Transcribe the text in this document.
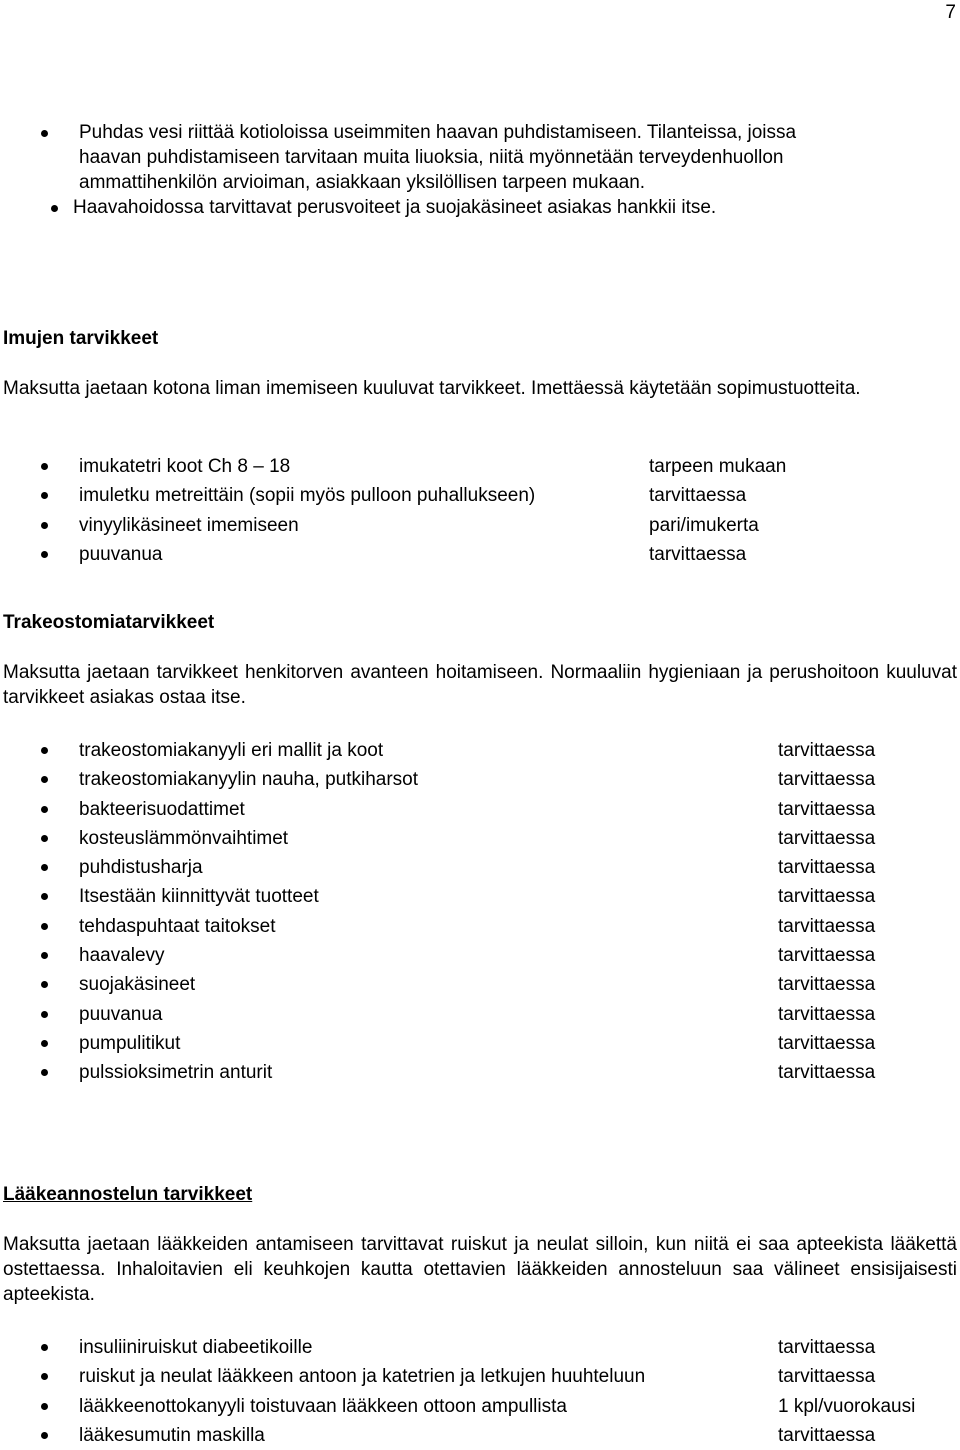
7
Puhdas vesi riittää kotioloissa useimmiten haavan puhdistamiseen. Tilanteissa, joissa haavan puhdistamiseen tarvitaan muita liuoksia, niitä myönnetään terveydenhuollon ammattihenkilön arvioiman, asiakkaan yksilöllisen tarpeen mukaan.
Haavahoidossa tarvittavat perusvoiteet ja suojakäsineet asiakas hankkii itse.
Imujen tarvikkeet
Maksutta jaetaan kotona liman imemiseen kuuluvat tarvikkeet. Imettäessä käytetään sopimustuotteita.
imukatetri koot Ch 8 – 18	tarpeen mukaan
imuletku metreittäin (sopii myös pulloon puhallukseen)	tarvittaessa
vinyylikäsineet imemiseen	pari/imukerta
puuvanua	tarvittaessa
Trakeostomiatarvikkeet
Maksutta jaetaan tarvikkeet henkitorven avanteen hoitamiseen. Normaaliin hygieniaan ja perushoitoon kuuluvat tarvikkeet asiakas ostaa itse.
trakeostomiakanyyli eri mallit ja koot	tarvittaessa
trakeostomiakanyylin nauha, putkiharsot	tarvittaessa
bakteerisuodattimet	tarvittaessa
kosteuslämmönvaihtimet	tarvittaessa
puhdistusharja	tarvittaessa
Itsestään kiinnittyvät tuotteet	tarvittaessa
tehdaspuhtaat taitokset	tarvittaessa
haavalevy	tarvittaessa
suojakäsineet	tarvittaessa
puuvanua	tarvittaessa
pumpulitikut	tarvittaessa
pulssioksimetrin anturit	tarvittaessa
Lääkeannostelun tarvikkeet
Maksutta jaetaan lääkkeiden antamiseen tarvittavat ruiskut ja neulat silloin, kun niitä ei saa apteekista lääkettä ostettaessa. Inhaloitavien eli keuhkojen kautta otettavien lääkkeiden annosteluun saa välineet ensisijaisesti apteekista.
insuliiniruiskut diabeetikoille	tarvittaessa
ruiskut ja neulat lääkkeen antoon ja katetrien ja letkujen huuhteluun	tarvittaessa
lääkkeenottokanyyli toistuvaan lääkkeen ottoon ampullista	1 kpl/vuorokausi
lääkesumutin maskilla	tarvittaessa
